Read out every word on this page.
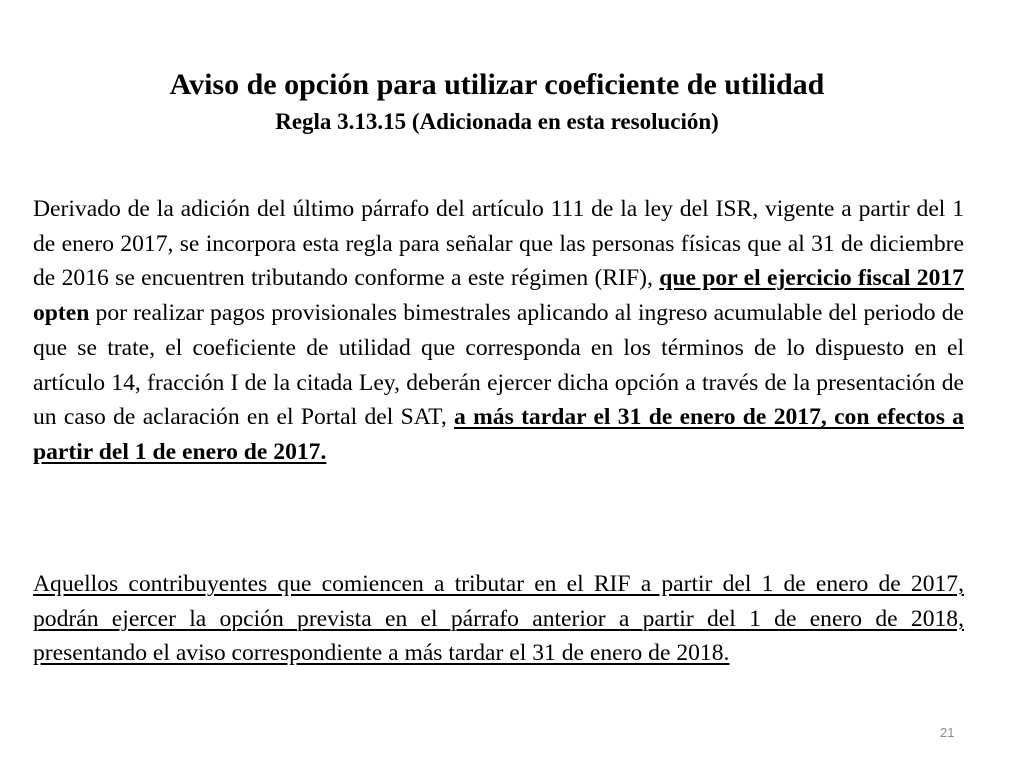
Aviso de opción para utilizar coeficiente de utilidad
Regla 3.13.15 (Adicionada en esta resolución)

Derivado de la adición del último párrafo del artículo 111 de la ley del ISR, vigente a partir del 1 de enero 2017, se incorpora esta regla para señalar que las personas físicas que al 31 de diciembre de 2016 se encuentren tributando conforme a este régimen (RIF), que por el ejercicio fiscal 2017 opten por realizar pagos provisionales bimestrales aplicando al ingreso acumulable del periodo de que se trate, el coeficiente de utilidad que corresponda en los términos de lo dispuesto en el artículo 14, fracción I de la citada Ley, deberán ejercer dicha opción a través de la presentación de un caso de aclaración en el Portal del SAT, a más tardar el 31 de enero de 2017, con efectos a partir del 1 de enero de 2017.

Aquellos contribuyentes que comiencen a tributar en el RIF a partir del 1 de enero de 2017, podrán ejercer la opción prevista en el párrafo anterior a partir del 1 de enero de 2018, presentando el aviso correspondiente a más tardar el 31 de enero de 2018.

21
